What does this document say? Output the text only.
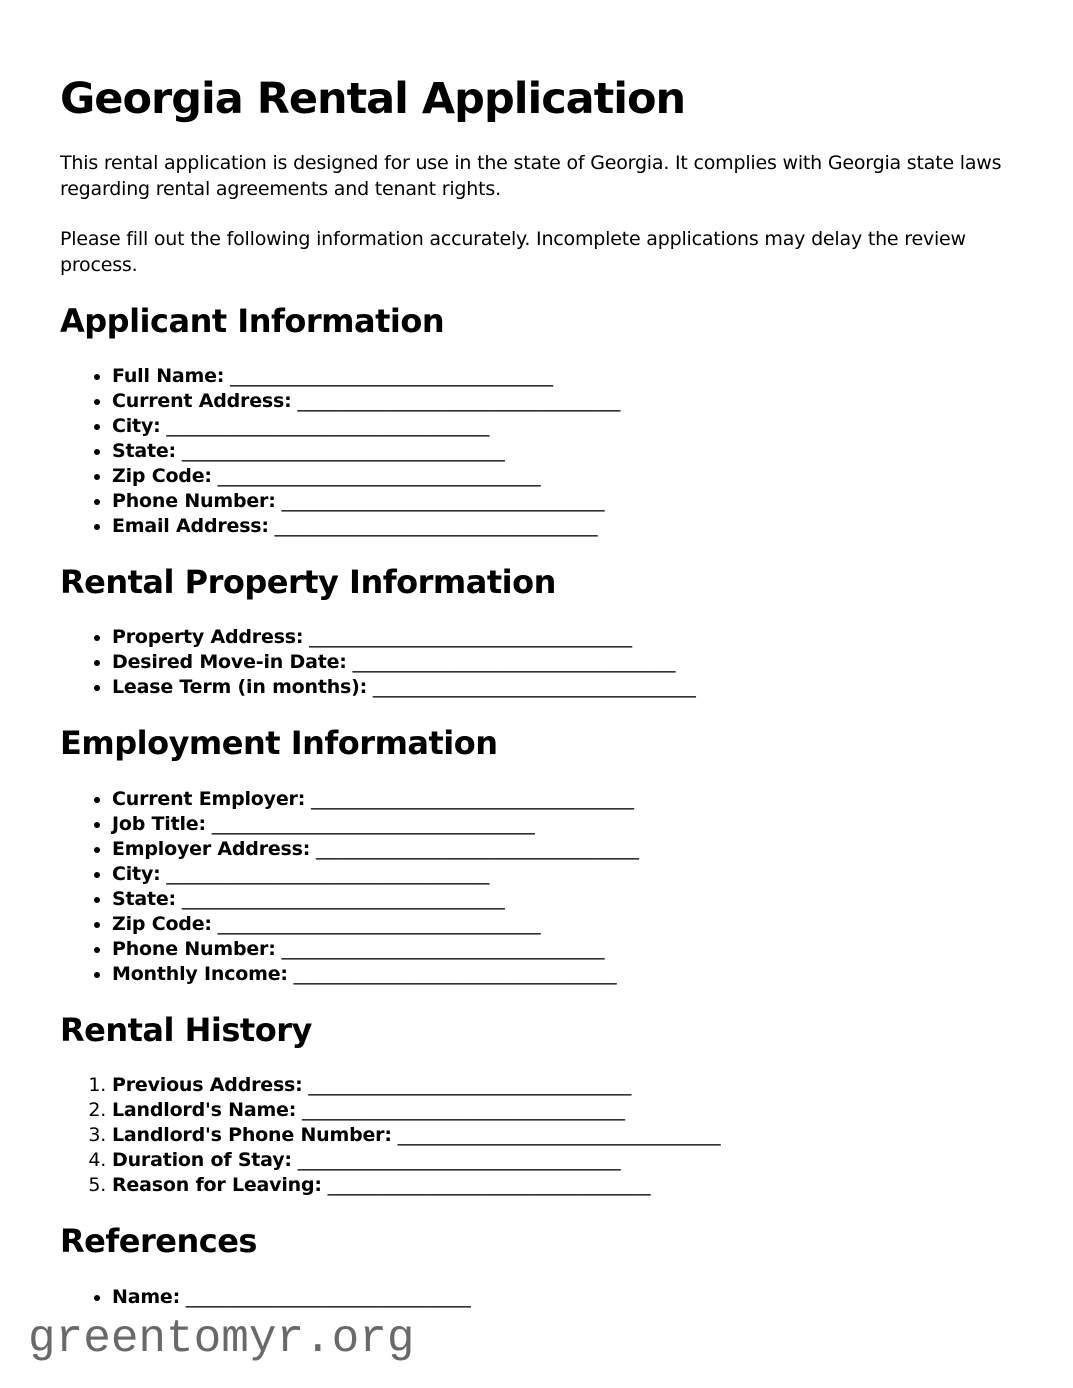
Georgia Rental Application

This rental application is designed for use in the state of Georgia. It complies with Georgia state laws regarding rental agreements and tenant rights.

Please fill out the following information accurately. Incomplete applications may delay the review process.

Applicant Information
• Full Name: __________________________________
• Current Address: __________________________________
• City: __________________________________
• State: __________________________________
• Zip Code: __________________________________
• Phone Number: __________________________________
• Email Address: __________________________________
Rental Property Information
• Property Address: __________________________________
• Desired Move-in Date: __________________________________
• Lease Term (in months): __________________________________
Employment Information
• Current Employer: __________________________________
• Job Title: __________________________________
• Employer Address: __________________________________
• City: __________________________________
• State: __________________________________
• Zip Code: __________________________________
• Phone Number: __________________________________
• Monthly Income: __________________________________
Rental History
1. Previous Address: __________________________________
2. Landlord's Name: __________________________________
3. Landlord's Phone Number: __________________________________
4. Duration of Stay: __________________________________
5. Reason for Leaving: __________________________________
References
• Name: ______________________________
greentomyr.org
